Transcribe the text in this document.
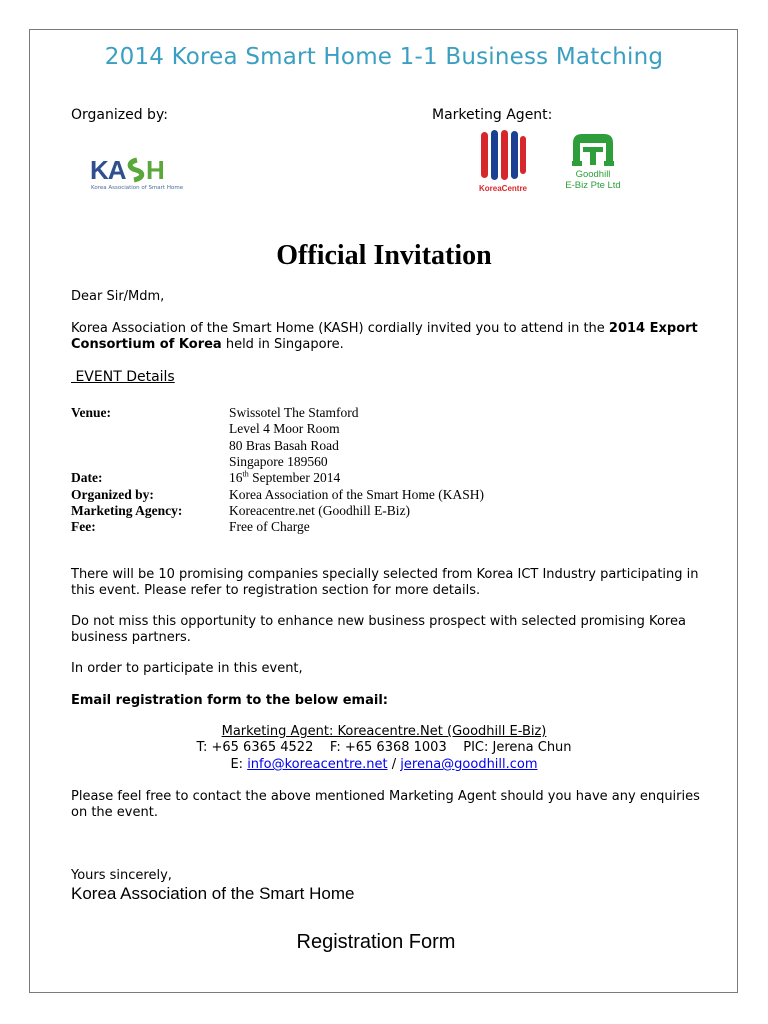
2014 Korea Smart Home 1-1 Business Matching
Organized by:	Marketing Agent:
KA H
Korea Association of Smart Home	KoreaCentre
Goodhill
E-Biz Pte Ltd
Official Invitation
Dear Sir/Mdm,
Korea Association of the Smart Home (KASH) cordially invited you to attend in the 2014 Export Consortium of Korea held in Singapore.
EVENT Details
Venue:	Swissotel The Stamford
Level 4 Moor Room
80 Bras Basah Road
Singapore 189560
Date:	16th September 2014
Organized by:	Korea Association of the Smart Home (KASH)
Marketing Agency:	Koreacentre.net (Goodhill E-Biz)
Fee:	Free of Charge
There will be 10 promising companies specially selected from Korea ICT Industry participating in this event. Please refer to registration section for more details.
Do not miss this opportunity to enhance new business prospect with selected promising Korea business partners.
In order to participate in this event,
Email registration form to the below email:
Marketing Agent: Koreacentre.Net (Goodhill E-Biz)
T: +65 6365 4522    F: +65 6368 1003    PIC: Jerena Chun
E: info@koreacentre.net / jerena@goodhill.com
Please feel free to contact the above mentioned Marketing Agent should you have any enquiries on the event.
Yours sincerely,
Korea Association of the Smart Home
Registration Form
